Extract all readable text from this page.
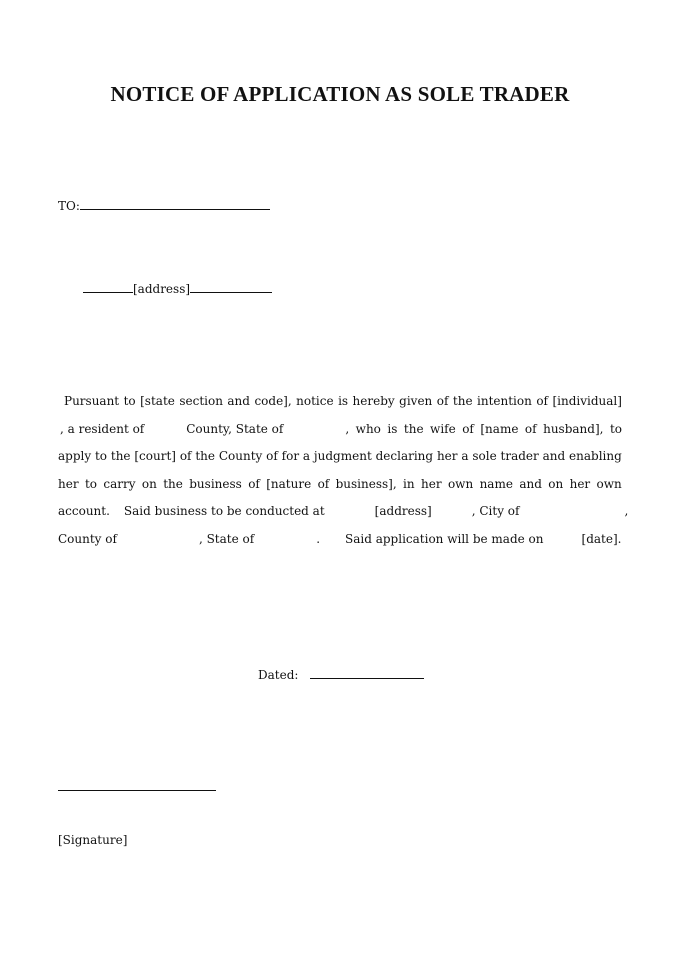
NOTICE OF APPLICATION AS SOLE TRADER
TO:
[address]
Pursuant to [state section and code], notice is hereby given of the intention of [individual]
, a resident of	County, State of	, who is the wife of [name of husband], to
apply to the [court] of the County of for a judgment declaring her a sole trader and enabling
her to carry on the business of [nature of business], in her own name and on her own
account. Said business to be conducted at	[address]	, City of	,
County of	, State of	. Said application will be made on	[date].
Dated:
[Signature]
